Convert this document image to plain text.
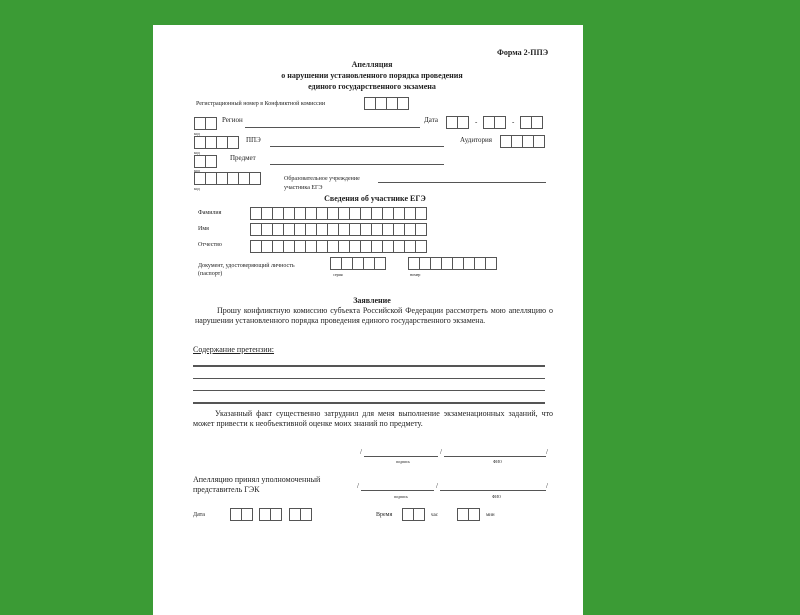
Форма 2-ППЭ
Апелляция
о нарушении установленного порядка проведения
единого государственного экзамена
Регистрационный номер в Конфликтной комиссии
код
Регион	Дата	-	-
код
ППЭ	Аудитория
код
Предмет
код
Образовательное учреждение
участника ЕГЭ
Сведения об участнике ЕГЭ
Фамилия
Имя
Отчество
Документ, удостоверяющий личность
(паспорт)	серия	номер
Заявление
Прошу конфликтную комиссию субъекта Российской Федерации рассмотреть мою апелляцию о нарушении установленного порядка проведения единого государственного экзамена.
Содержание претензии:
Указанный факт существенно затруднил для меня выполнение экзаменационных заданий, что может привести к необъективной оценке моих знаний по предмету.
/	/	/
подпись	ФИО
Апелляцию принял уполномоченный
представитель ГЭК	/	/	/
подпись	ФИО
Дата	Время	час	мин
